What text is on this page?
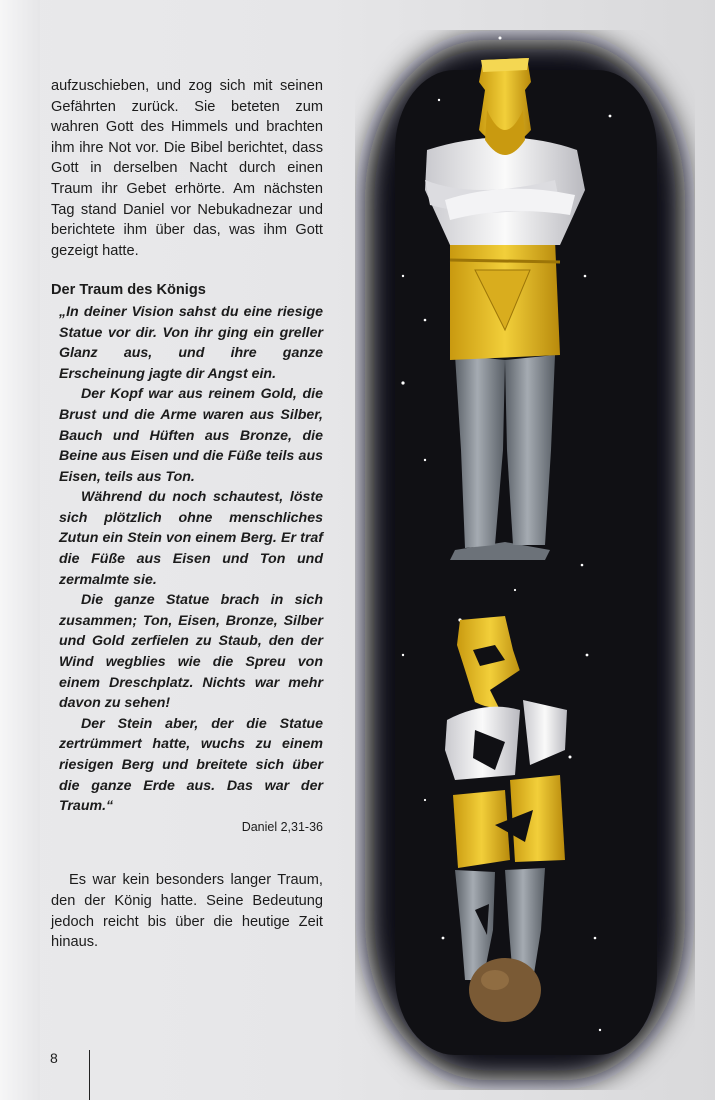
aufzuschieben, und zog sich mit seinen Gefährten zurück. Sie beteten zum wahren Gott des Himmels und brachten ihm ihre Not vor. Die Bibel berichtet, dass Gott in derselben Nacht durch einen Traum ihr Gebet erhörte. Am nächsten Tag stand Daniel vor Nebukadnezar und berichtete ihm über das, was ihm Gott gezeigt hatte.

Der Traum des Königs

„In deiner Vision sahst du eine riesige Statue vor dir. Von ihr ging ein greller Glanz aus, und ihre ganze Erscheinung jagte dir Angst ein.

Der Kopf war aus reinem Gold, die Brust und die Arme waren aus Silber, Bauch und Hüften aus Bronze, die Beine aus Eisen und die Füße teils aus Eisen, teils aus Ton.

Während du noch schautest, löste sich plötzlich ohne menschliches Zutun ein Stein von einem Berg. Er traf die Füße aus Eisen und Ton und zermalmte sie.

Die ganze Statue brach in sich zusammen; Ton, Eisen, Bronze, Silber und Gold zerfielen zu Staub, den der Wind wegblies wie die Spreu von einem Dreschplatz. Nichts war mehr davon zu sehen!

Der Stein aber, der die Statue zertrümmert hatte, wuchs zu einem riesigen Berg und breitete sich über die ganze Erde aus. Das war der Traum.“

Daniel 2,31-36

Es war kein besonders langer Traum, den der König hatte. Seine Bedeutung jedoch reicht bis über die heutige Zeit hinaus.

8
